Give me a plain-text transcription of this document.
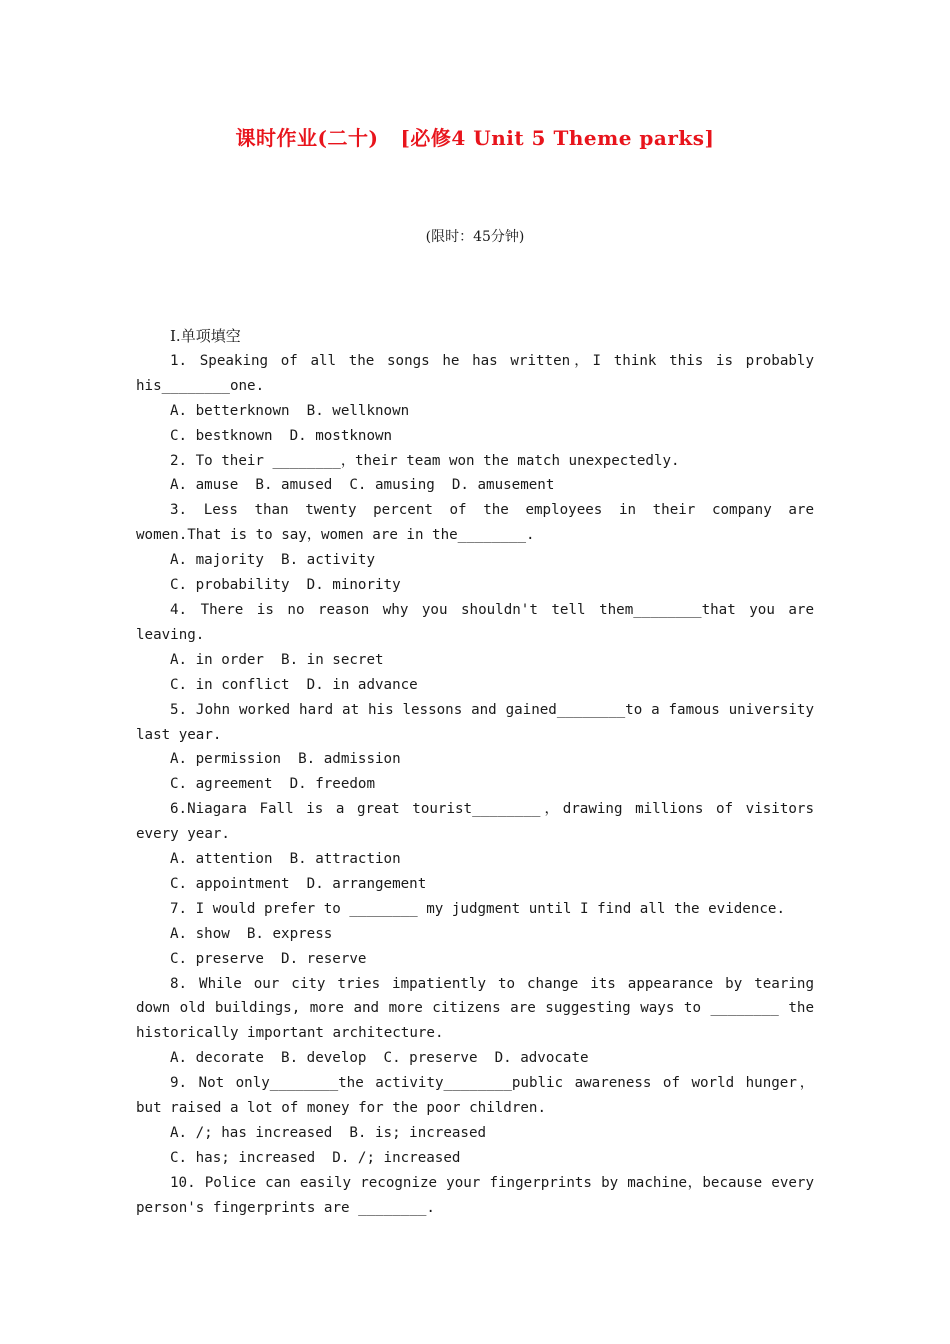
课时作业(二十) [必修4 Unit 5 Theme parks]
(限时：45分钟)
Ⅰ.单项填空

1. Speaking of all the songs he has written，I think this is probably his________one.

A. betterknown  B. wellknown

C. bestknown  D. mostknown

2. To their ________，their team won the match unexpectedly.

A. amuse  B. amused  C. amusing  D. amusement

3. Less than twenty percent of the employees in their company are women.That is to say，women are in the________.

A. majority  B. activity

C. probability  D. minority

4. There is no reason why you shouldn't tell them________that you are leaving.

A. in order  B. in secret

C. in conflict  D. in advance

5. John worked hard at his lessons and gained________to a famous university last year.

A. permission  B. admission

C. agreement  D. freedom

6.Niagara Fall is a great tourist________，drawing millions of visitors every year.

A. attention  B. attraction

C. appointment  D. arrangement

7. I would prefer to ________ my judgment until I find all the evidence.

A. show  B. express

C. preserve  D. reserve

8. While our city tries impatiently to change its appearance by tearing down old buildings, more and more citizens are suggesting ways to ________ the historically important architecture.

A. decorate  B. develop  C. preserve  D. advocate

9. Not only________the activity________public awareness of world hunger，but raised a lot of money for the poor children.

A. /; has increased  B. is; increased

C. has; increased  D. /; increased

10. Police can easily recognize your fingerprints by machine，because every person's fingerprints are ________.
